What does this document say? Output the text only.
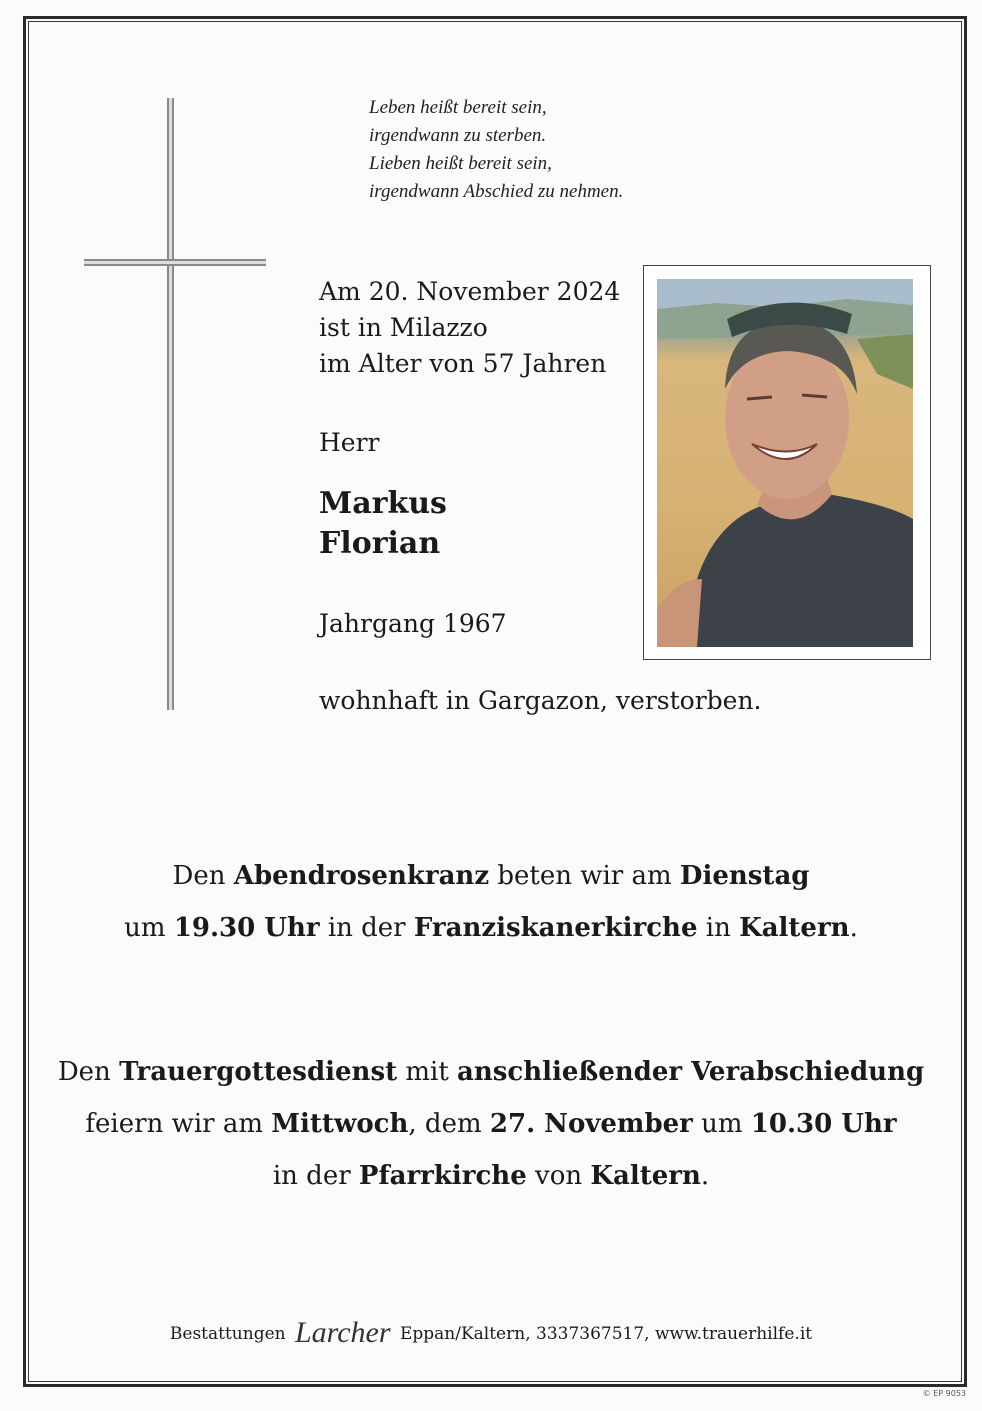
Leben heißt bereit sein,
irgendwann zu sterben.
Lieben heißt bereit sein,
irgendwann Abschied zu nehmen.
Am 20. November 2024
ist in Milazzo
im Alter von 57 Jahren
Herr
Markus
Florian
Jahrgang 1967
wohnhaft in Gargazon, verstorben.
Den Abendrosenkranz beten wir am Dienstag
um 19.30 Uhr in der Franziskanerkirche in Kaltern.
Den Trauergottesdienst mit anschließender Verabschiedung
feiern wir am Mittwoch, dem 27. November um 10.30 Uhr
in der Pfarrkirche von Kaltern.
Bestattungen Larcher Eppan/Kaltern, 3337367517, www.trauerhilfe.it
© EP 9053
